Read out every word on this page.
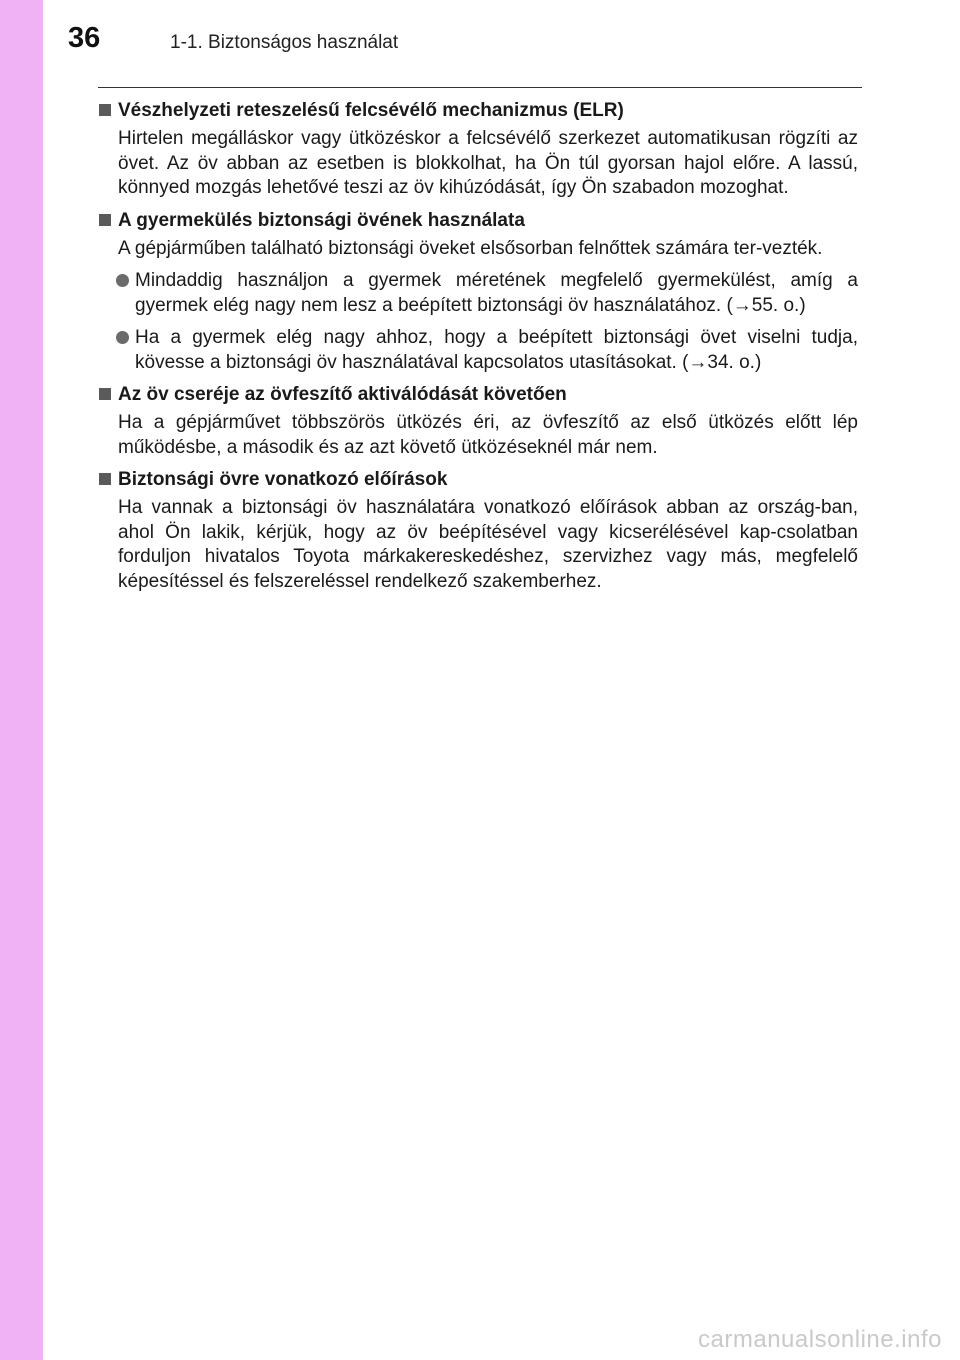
36	1-1. Biztonságos használat

Vészhelyzeti reteszelésű felcsévélő mechanizmus (ELR)

Hirtelen megálláskor vagy ütközéskor a felcsévélő szerkezet automatikusan rögzíti az övet. Az öv abban az esetben is blokkolhat, ha Ön túl gyorsan hajol előre. A lassú, könnyed mozgás lehetővé teszi az öv kihúzódását, így Ön szabadon mozoghat.

A gyermekülés biztonsági övének használata

A gépjárműben található biztonsági öveket elsősorban felnőttek számára ter-vezték.

Mindaddig használjon a gyermek méretének megfelelő gyermekülést, amíg a gyermek elég nagy nem lesz a beépített biztonsági öv használatához. (→55. o.)

Ha a gyermek elég nagy ahhoz, hogy a beépített biztonsági övet viselni tudja, kövesse a biztonsági öv használatával kapcsolatos utasításokat. (→34. o.)

Az öv cseréje az övfeszítő aktiválódását követően

Ha a gépjárművet többszörös ütközés éri, az övfeszítő az első ütközés előtt lép működésbe, a második és az azt követő ütközéseknél már nem.

Biztonsági övre vonatkozó előírások

Ha vannak a biztonsági öv használatára vonatkozó előírások abban az ország-ban, ahol Ön lakik, kérjük, hogy az öv beépítésével vagy kicserélésével kap-csolatban forduljon hivatalos Toyota márkakereskedéshez, szervizhez vagy más, megfelelő képesítéssel és felszereléssel rendelkező szakemberhez.

carmanualsonline.info
